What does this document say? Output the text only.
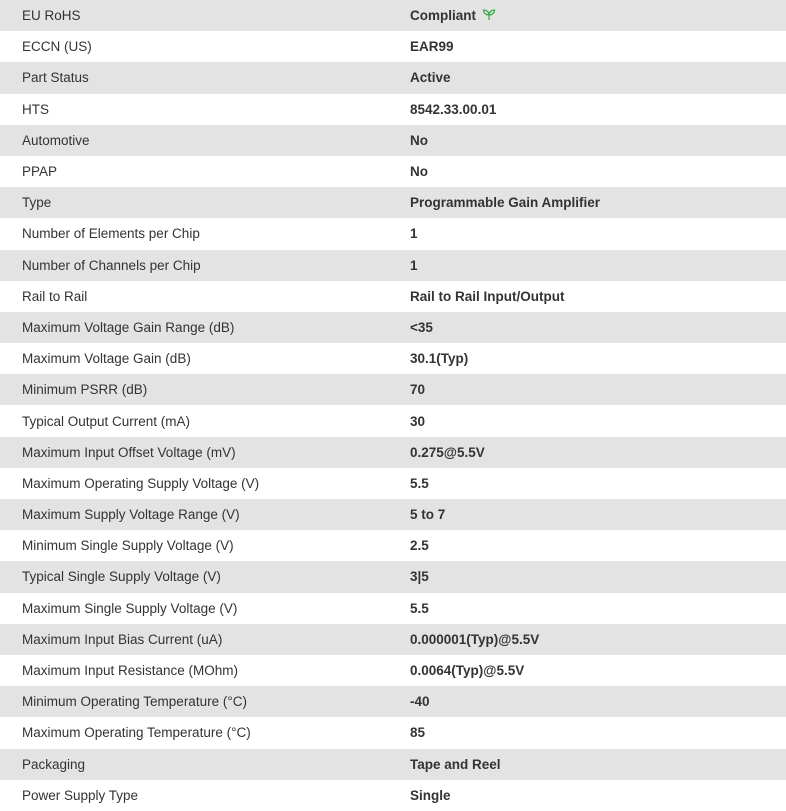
EU RoHS	Compliant
ECCN (US)	EAR99
Part Status	Active
HTS	8542.33.00.01
Automotive	No
PPAP	No
Type	Programmable Gain Amplifier
Number of Elements per Chip	1
Number of Channels per Chip	1
Rail to Rail	Rail to Rail Input/Output
Maximum Voltage Gain Range (dB)	<35
Maximum Voltage Gain (dB)	30.1(Typ)
Minimum PSRR (dB)	70
Typical Output Current (mA)	30
Maximum Input Offset Voltage (mV)	0.275@5.5V
Maximum Operating Supply Voltage (V)	5.5
Maximum Supply Voltage Range (V)	5 to 7
Minimum Single Supply Voltage (V)	2.5
Typical Single Supply Voltage (V)	3|5
Maximum Single Supply Voltage (V)	5.5
Maximum Input Bias Current (uA)	0.000001(Typ)@5.5V
Maximum Input Resistance (MOhm)	0.0064(Typ)@5.5V
Minimum Operating Temperature (°C)	-40
Maximum Operating Temperature (°C)	85
Packaging	Tape and Reel
Power Supply Type	Single
